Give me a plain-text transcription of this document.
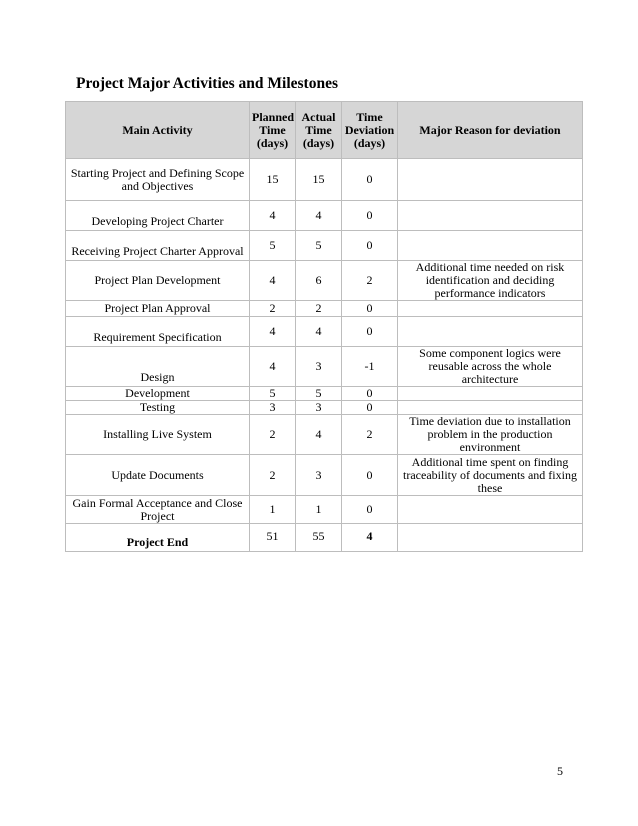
Project Major Activities and Milestones
Main Activity	Planned Time (days)	Actual Time (days)	Time Deviation (days)	Major Reason for deviation
Starting Project and Defining Scope and Objectives	15	15	0	
Developing Project Charter	4	4	0	
Receiving Project Charter Approval	5	5	0	
Project Plan Development	4	6	2	Additional time needed on risk identification and deciding performance indicators
Project Plan Approval	2	2	0	
Requirement Specification	4	4	0	
Design	4	3	-1	Some component logics were reusable across the whole architecture
Development	5	5	0	
Testing	3	3	0	
Installing Live System	2	4	2	Time deviation due to installation problem in the production environment
Update Documents	2	3	0	Additional time spent on finding traceability of documents and fixing these
Gain Formal Acceptance and Close Project	1	1	0	
Project End	51	55	4	
5
